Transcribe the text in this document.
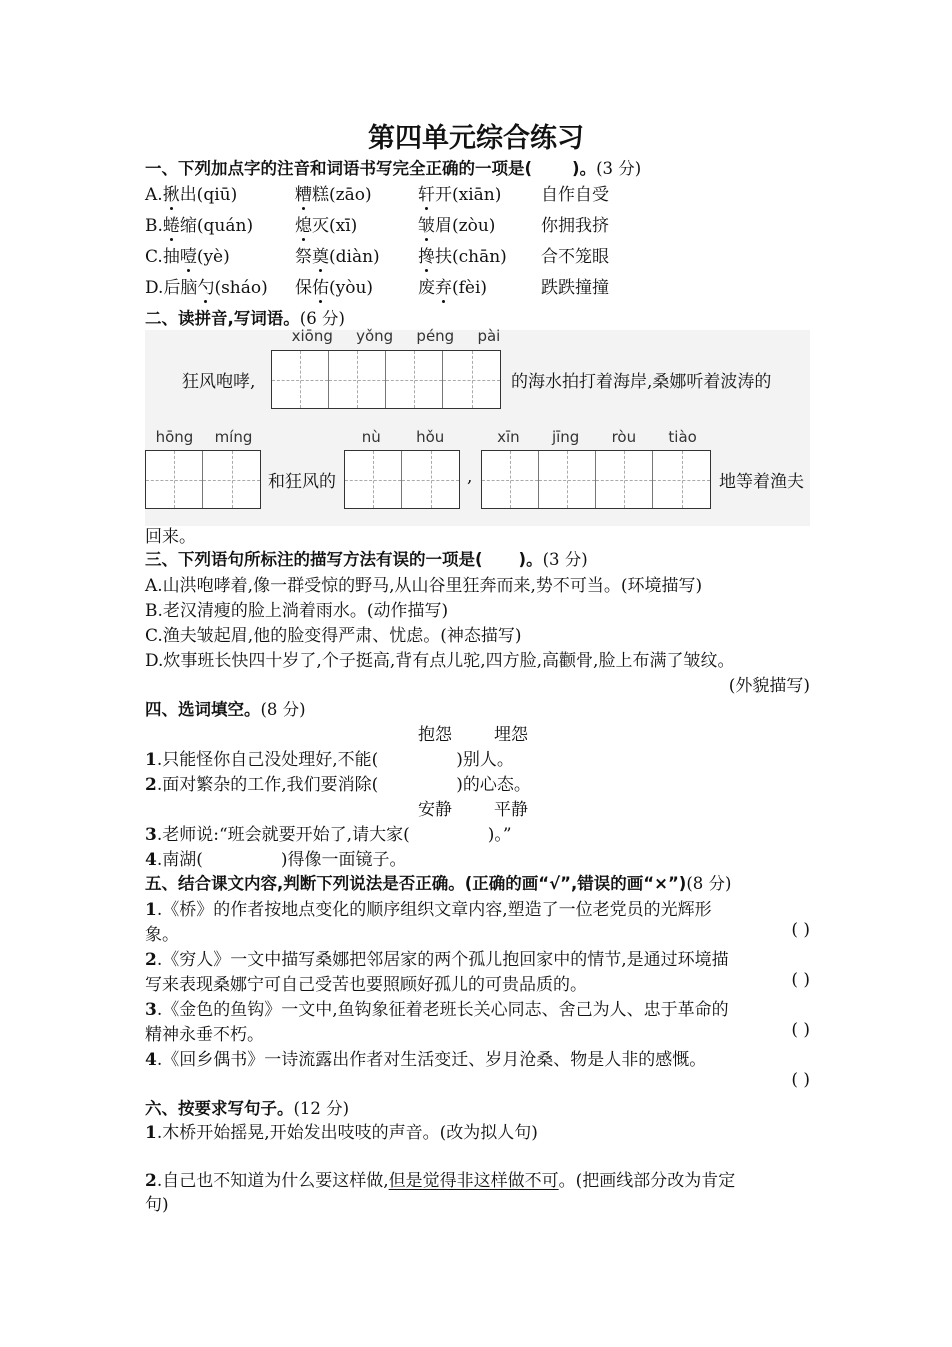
第四单元综合练习
一、下列加点字的注音和词语书写完全正确的一项是( )。(3 分)
A.揪出(qiū)	糟糕(zāo)	轩开(xiān) 自作自受
B.蜷缩(quán) 熄灭(xī)	皱眉(zòu)	你拥我挤
C.抽噎(yè)	祭奠(diàn) 搀扶(chān) 合不笼眼
D.后脑勺(sháo) 保佑(yòu)	废弃(fèi)	跌跌撞撞
二、读拼音,写词语。(6 分)
xiōng yǒng péng pài
狂风咆哮,	的海水拍打着海岸,桑娜听着波涛的
hōng míng
和狂风的
nù hǒu
,
xīn jīng ròu tiào
地等着渔夫
回来。
三、下列语句所标注的描写方法有误的一项是( )。(3 分)
A.山洪咆哮着,像一群受惊的野马,从山谷里狂奔而来,势不可当。(环境描写)
B.老汉清瘦的脸上淌着雨水。(动作描写)
C.渔夫皱起眉,他的脸变得严肃、忧虑。(神态描写)
D.炊事班长快四十岁了,个子挺高,背有点儿驼,四方脸,高颧骨,脸上布满了皱纹。
(外貌描写)
四、选词填空。(8 分)
抱怨 埋怨
1.只能怪你自己没处理好,不能(	)别人。
2.面对繁杂的工作,我们要消除(	)的心态。
安静 平静
3.老师说:“班会就要开始了,请大家(	)。”
4.南湖(	)得像一面镜子。
五、结合课文内容,判断下列说法是否正确。(正确的画“√”,错误的画“×”)(8 分)
1.《桥》的作者按地点变化的顺序组织文章内容,塑造了一位老党员的光辉形
象。	( )
2.《穷人》一文中描写桑娜把邻居家的两个孤儿抱回家中的情节,是通过环境描
写来表现桑娜宁可自己受苦也要照顾好孤儿的可贵品质的。	( )
3.《金色的鱼钩》一文中,鱼钩象征着老班长关心同志、舍己为人、忠于革命的
精神永垂不朽。	( )
4.《回乡偶书》一诗流露出作者对生活变迁、岁月沧桑、物是人非的感慨。
( )
六、按要求写句子。(12 分)
1.木桥开始摇晃,开始发出吱吱的声音。(改为拟人句)
2.自己也不知道为什么要这样做,但是觉得非这样做不可。(把画线部分改为肯定
句)
